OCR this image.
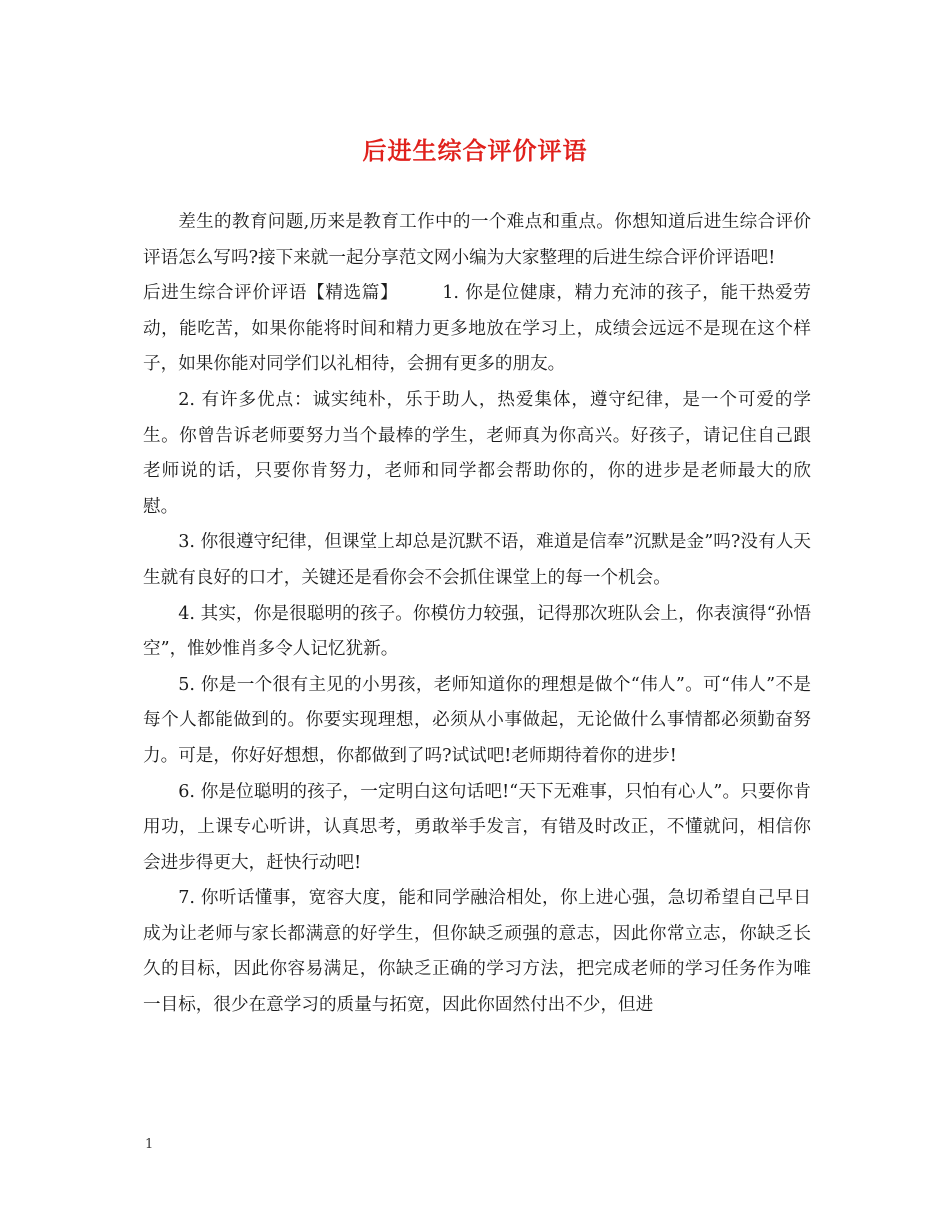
后进生综合评价评语

差生的教育问题,历来是教育工作中的一个难点和重点。你想知道后进生综合评价评语怎么写吗?接下来就一起分享范文网小编为大家整理的后进生综合评价评语吧!

后进生综合评价评语【精选篇】	1. 你是位健康，精力充沛的孩子，能干热爱劳动，能吃苦，如果你能将时间和精力更多地放在学习上，成绩会远远不是现在这个样子，如果你能对同学们以礼相待，会拥有更多的朋友。

2. 有许多优点：诚实纯朴，乐于助人，热爱集体，遵守纪律，是一个可爱的学生。你曾告诉老师要努力当个最棒的学生，老师真为你高兴。好孩子，请记住自己跟老师说的话，只要你肯努力，老师和同学都会帮助你的，你的进步是老师最大的欣慰。

3. 你很遵守纪律，但课堂上却总是沉默不语，难道是信奉”沉默是金”吗?没有人天生就有良好的口才，关键还是看你会不会抓住课堂上的每一个机会。

4. 其实，你是很聪明的孩子。你模仿力较强，记得那次班队会上，你表演得“孙悟空”，惟妙惟肖多令人记忆犹新。

5. 你是一个很有主见的小男孩，老师知道你的理想是做个“伟人”。可“伟人”不是每个人都能做到的。你要实现理想，必须从小事做起，无论做什么事情都必须勤奋努力。可是，你好好想想，你都做到了吗?试试吧!老师期待着你的进步!

6. 你是位聪明的孩子，一定明白这句话吧!“天下无难事，只怕有心人”。只要你肯用功，上课专心听讲，认真思考，勇敢举手发言，有错及时改正，不懂就问，相信你会进步得更大，赶快行动吧!

7. 你听话懂事，宽容大度，能和同学融洽相处，你上进心强，急切希望自己早日成为让老师与家长都满意的好学生，但你缺乏顽强的意志，因此你常立志，你缺乏长久的目标，因此你容易满足，你缺乏正确的学习方法，把完成老师的学习任务作为唯一目标，很少在意学习的质量与拓宽，因此你固然付出不少，但进

1
